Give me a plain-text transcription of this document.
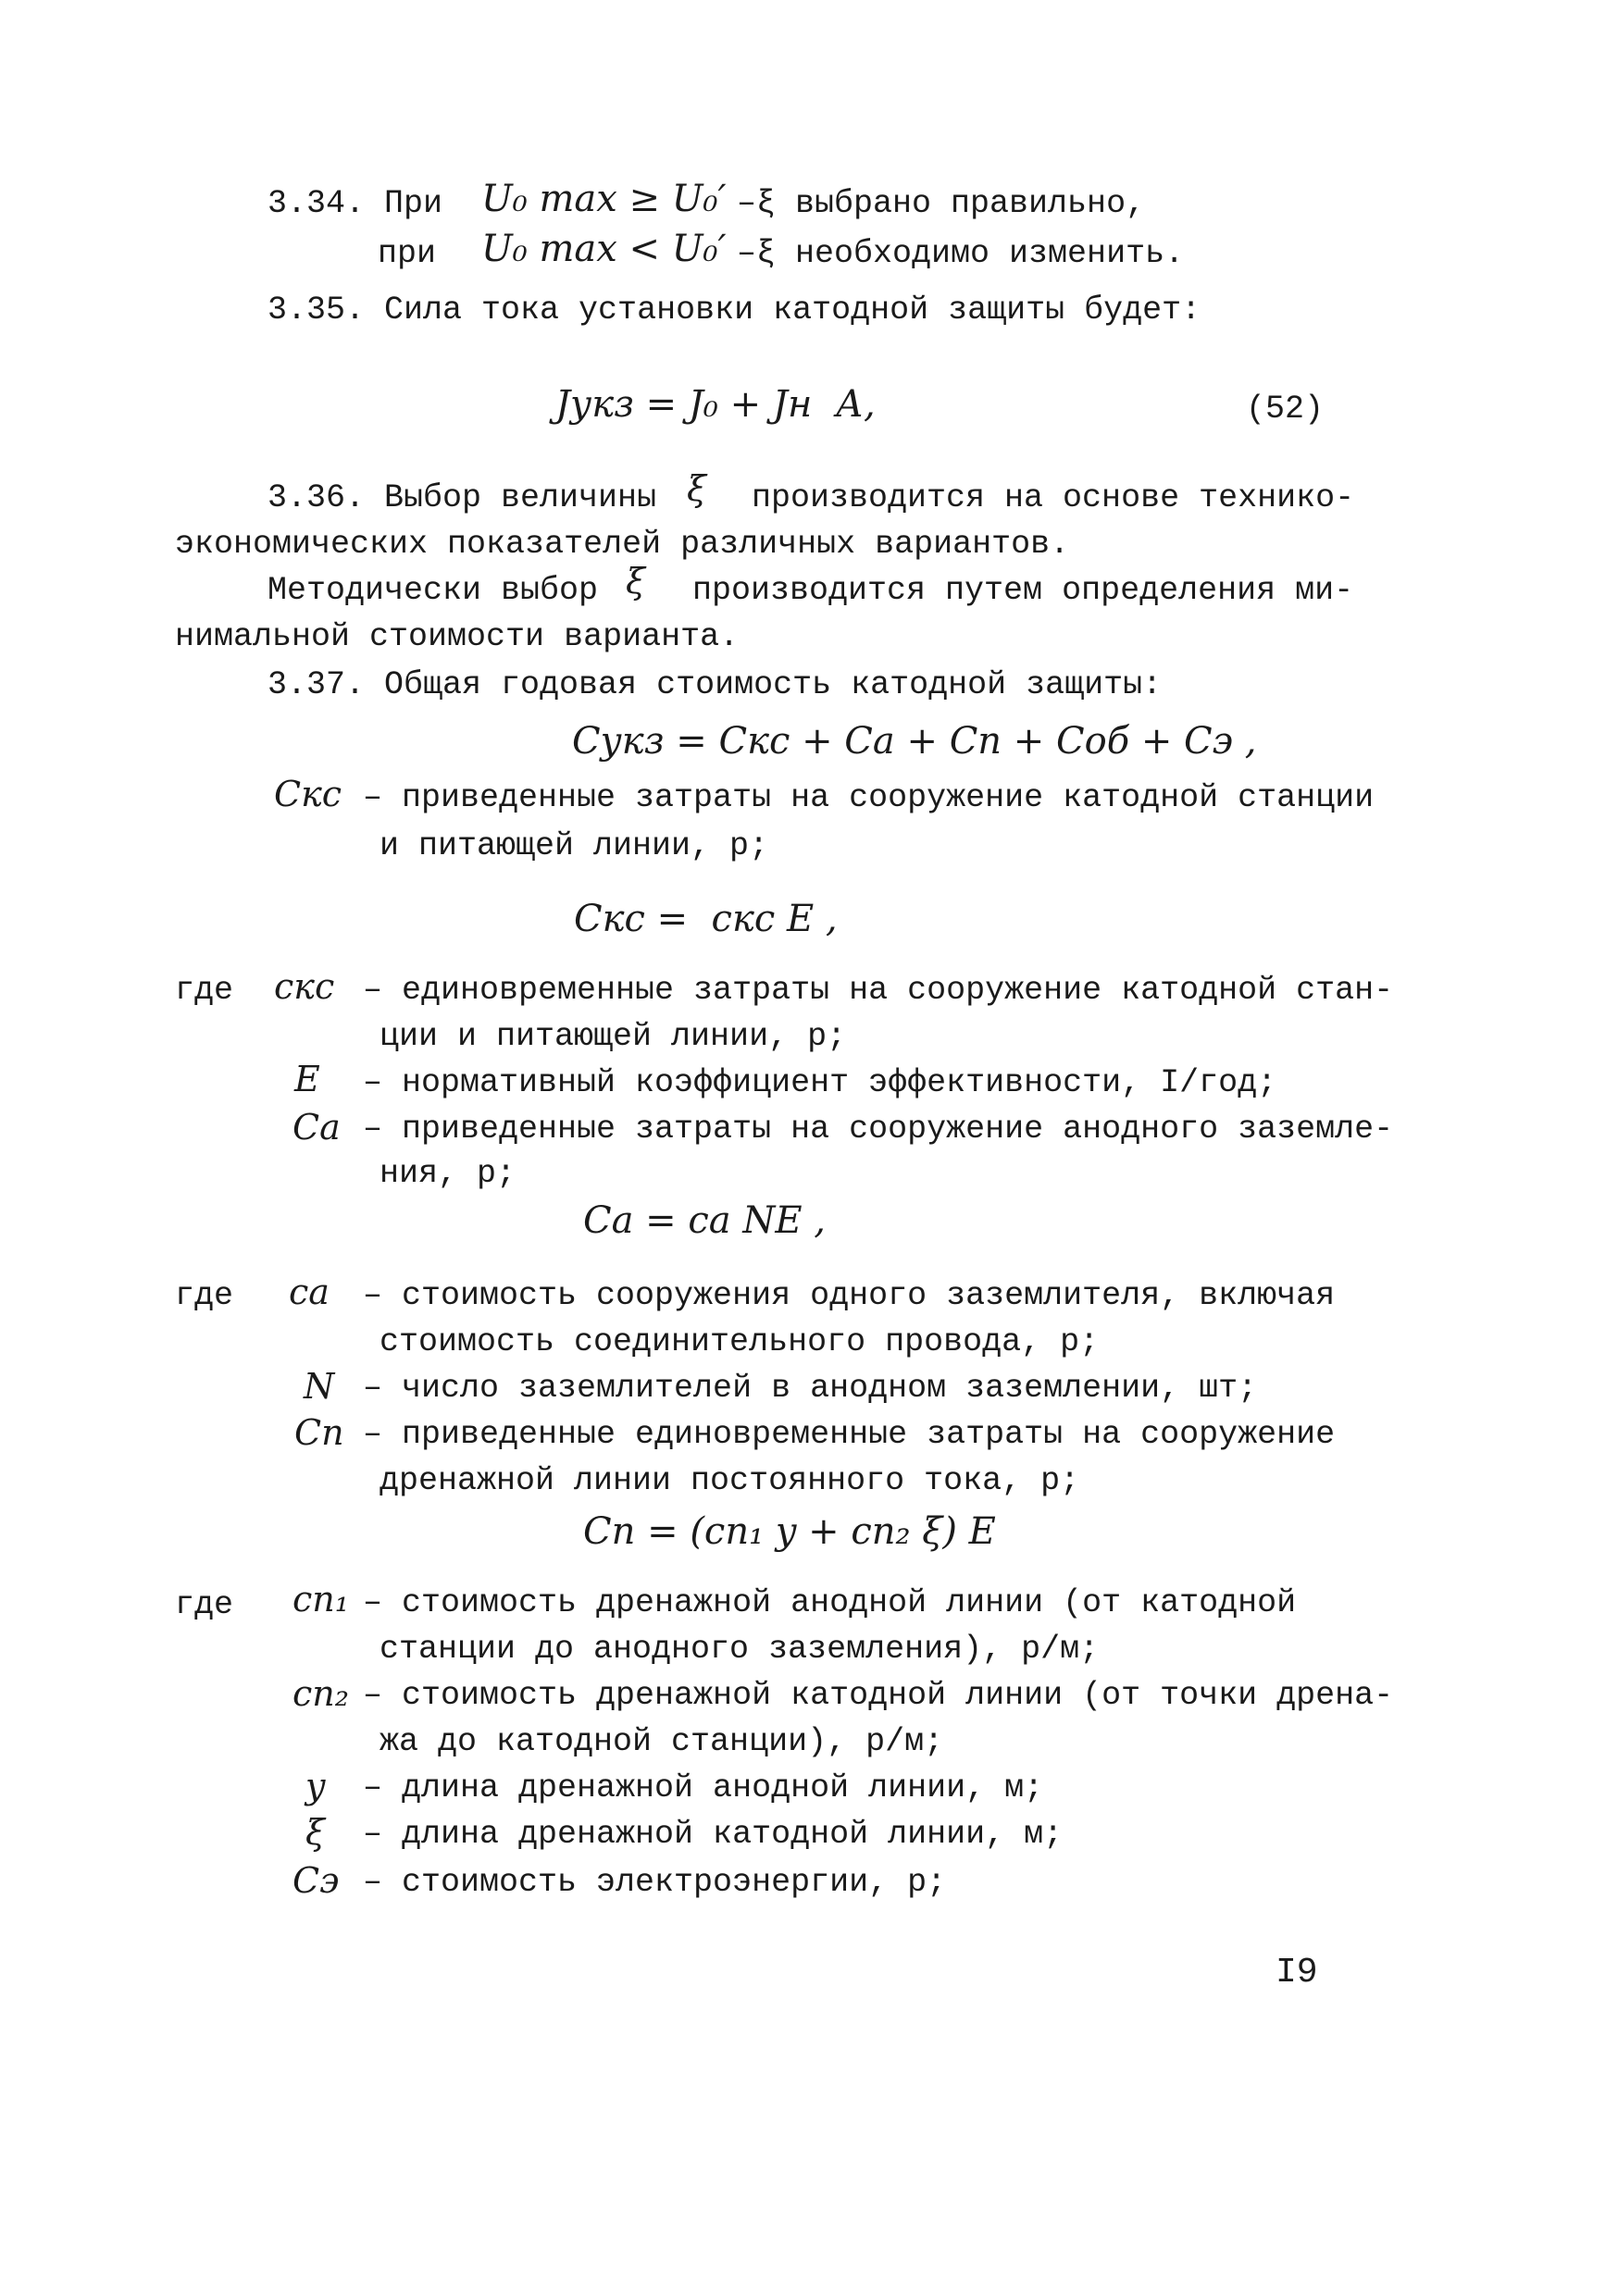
3.34. При U₀ max ≥ U₀′ –ξ выбрано правильно,
при U₀ max < U₀′ –ξ необходимо изменить.
3.35. Сила тока установки катодной защиты будет:
Jукз = J₀ + Jн  А,	(52)
3.36. Выбор величины ξ производится на основе технико-
экономических показателей различных вариантов.
Методически выбор ξ производится путем определения ми-
нимальной стоимости варианта.
3.37. Общая годовая стоимость катодной защиты:
Cукз = Cкс + Cа + Cп + Cоб + Cэ ,
Cкс – приведенные затраты на сооружение катодной станции
и питающей линии, р;
Cкс =  cкс E ,
где cкс – единовременные затраты на сооружение катодной стан-
ции и питающей линии, р;
E – нормативный коэффициент эффективности, I/год;
Cа – приведенные затраты на сооружение анодного заземле-
ния, р;
Cа = cа NE ,
где cа – стоимость сооружения одного заземлителя, включая
стоимость соединительного провода, р;
N – число заземлителей в анодном заземлении, шт;
Cп – приведенные единовременные затраты на сооружение
дренажной линии постоянного тока, р;
Cп = (cп₁ y + cп₂ ξ) E
где cп₁ – стоимость дренажной анодной линии (от катодной
станции до анодного заземления), р/м;
cп₂ – стоимость дренажной катодной линии (от точки дрена-
жа до катодной станции), р/м;
y – длина дренажной анодной линии, м;
ξ – длина дренажной катодной линии, м;
Cэ – стоимость электроэнергии, р;
I9
